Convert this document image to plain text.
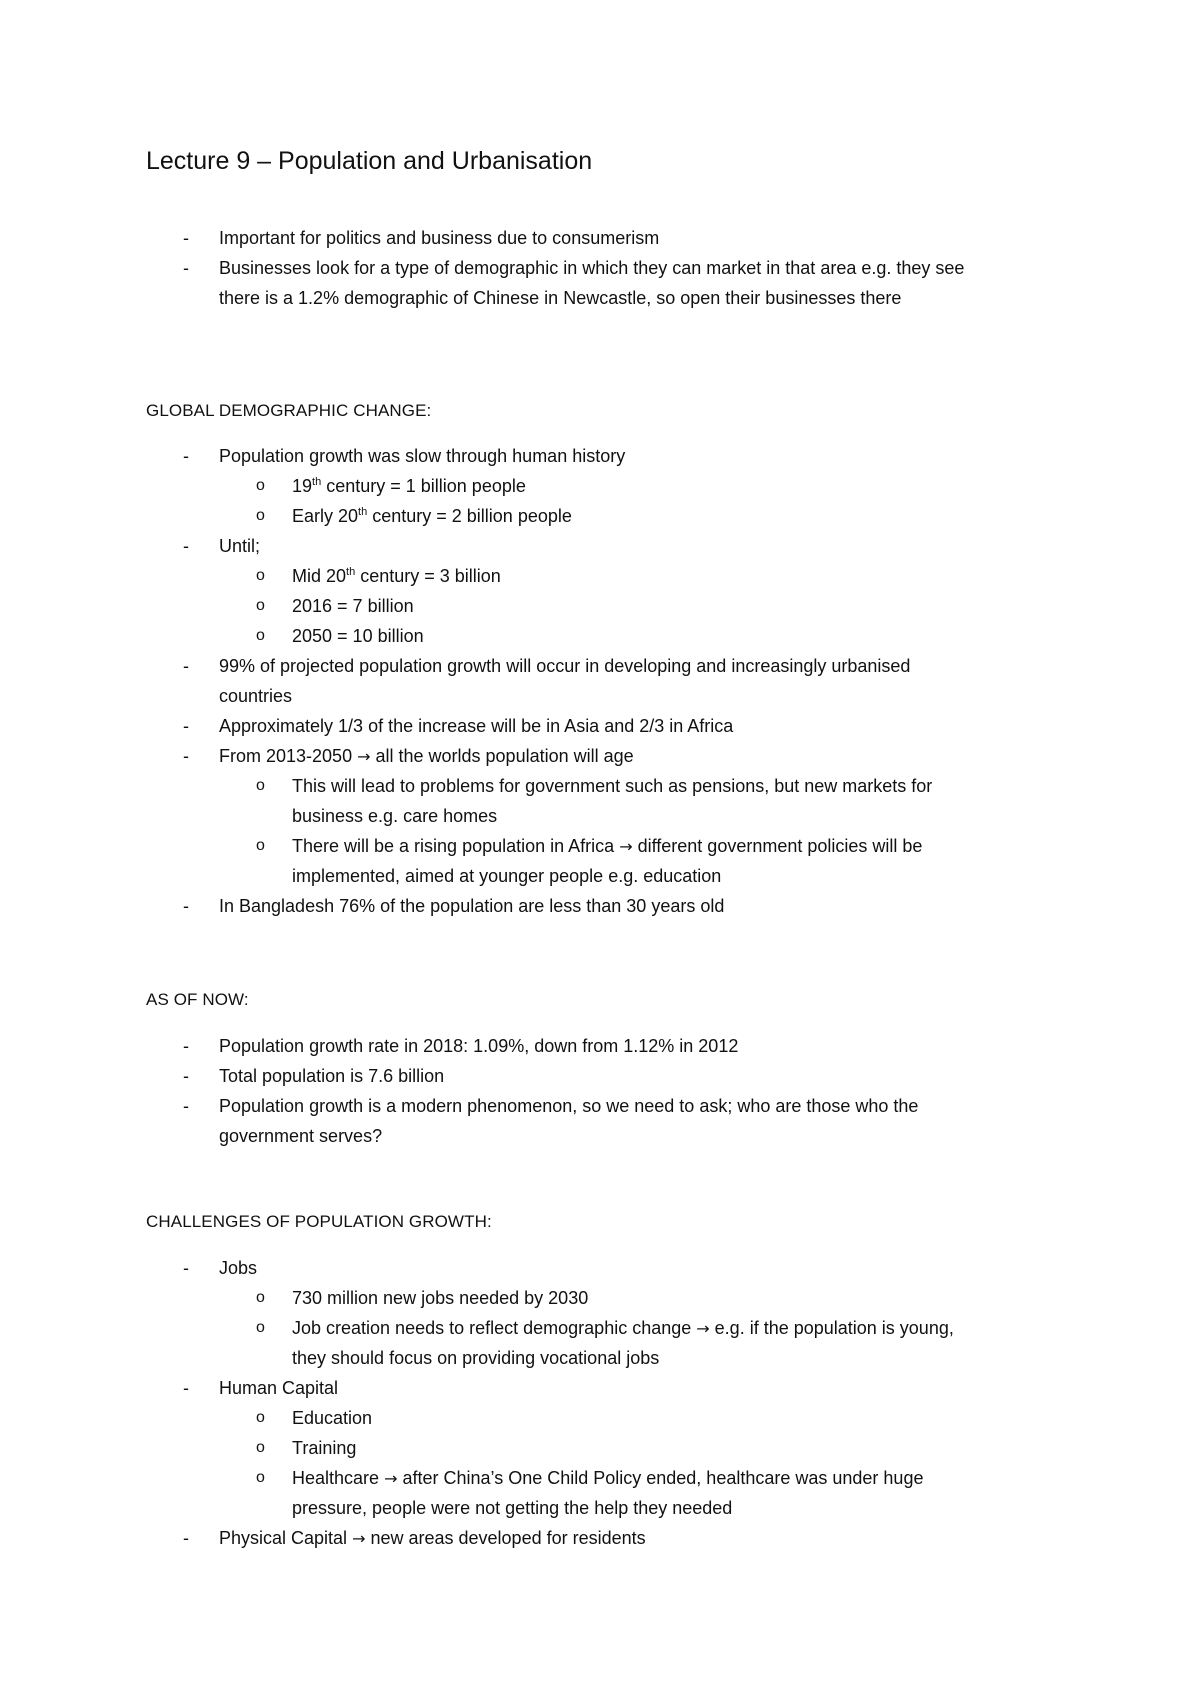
Lecture 9 – Population and Urbanisation
- Important for politics and business due to consumerism
- Businesses look for a type of demographic in which they can market in that area e.g. they see
there is a 1.2% demographic of Chinese in Newcastle, so open their businesses there
GLOBAL DEMOGRAPHIC CHANGE:
- Population growth was slow through human history
o 19th century = 1 billion people
o Early 20th century = 2 billion people
- Until;
o Mid 20th century = 3 billion
o 2016 = 7 billion
o 2050 = 10 billion
- 99% of projected population growth will occur in developing and increasingly urbanised
countries
- Approximately 1/3 of the increase will be in Asia and 2/3 in Africa
- From 2013-2050 → all the worlds population will age
o This will lead to problems for government such as pensions, but new markets for
business e.g. care homes
o There will be a rising population in Africa → different government policies will be
implemented, aimed at younger people e.g. education
- In Bangladesh 76% of the population are less than 30 years old
AS OF NOW:
- Population growth rate in 2018: 1.09%, down from 1.12% in 2012
- Total population is 7.6 billion
- Population growth is a modern phenomenon, so we need to ask; who are those who the
government serves?
CHALLENGES OF POPULATION GROWTH:
- Jobs
o 730 million new jobs needed by 2030
o Job creation needs to reflect demographic change → e.g. if the population is young,
they should focus on providing vocational jobs
- Human Capital
o Education
o Training
o Healthcare → after China’s One Child Policy ended, healthcare was under huge
pressure, people were not getting the help they needed
- Physical Capital → new areas developed for residents
